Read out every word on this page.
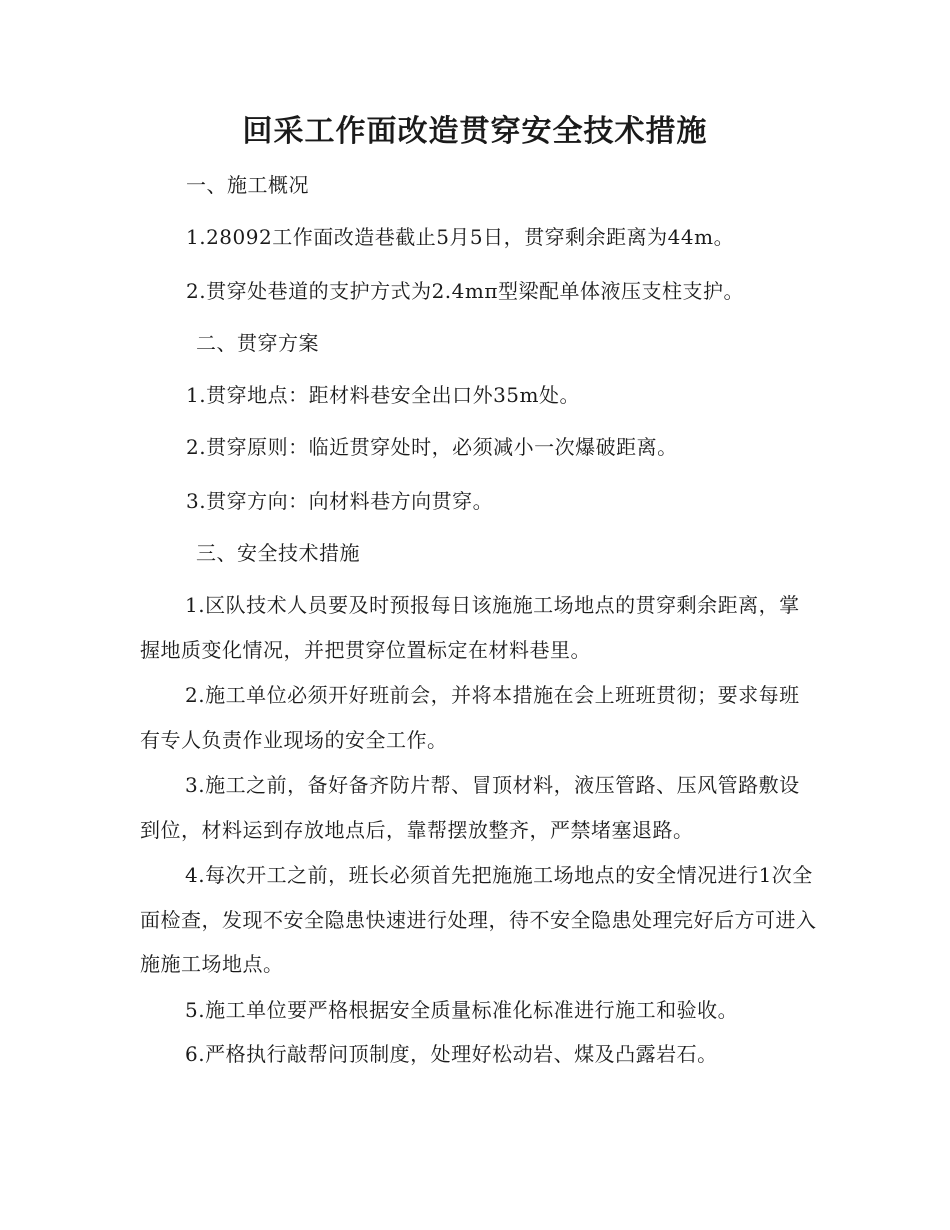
回采工作面改造贯穿安全技术措施
一、施工概况
1.28092工作面改造巷截止5月5日，贯穿剩余距离为44m。
2.贯穿处巷道的支护方式为2.4mπ型梁配单体液压支柱支护。
二、贯穿方案
1.贯穿地点：距材料巷安全出口外35m处。
2.贯穿原则：临近贯穿处时，必须减小一次爆破距离。
3.贯穿方向：向材料巷方向贯穿。
三、安全技术措施
1.区队技术人员要及时预报每日该施施工场地点的贯穿剩余距离，掌握地质变化情况，并把贯穿位置标定在材料巷里。
2.施工单位必须开好班前会，并将本措施在会上班班贯彻；要求每班有专人负责作业现场的安全工作。
3.施工之前，备好备齐防片帮、冒顶材料，液压管路、压风管路敷设到位，材料运到存放地点后，靠帮摆放整齐，严禁堵塞退路。
4.每次开工之前，班长必须首先把施施工场地点的安全情况进行1次全面检查，发现不安全隐患快速进行处理，待不安全隐患处理完好后方可进入施施工场地点。
5.施工单位要严格根据安全质量标准化标准进行施工和验收。
6.严格执行敲帮问顶制度，处理好松动岩、煤及凸露岩石。
